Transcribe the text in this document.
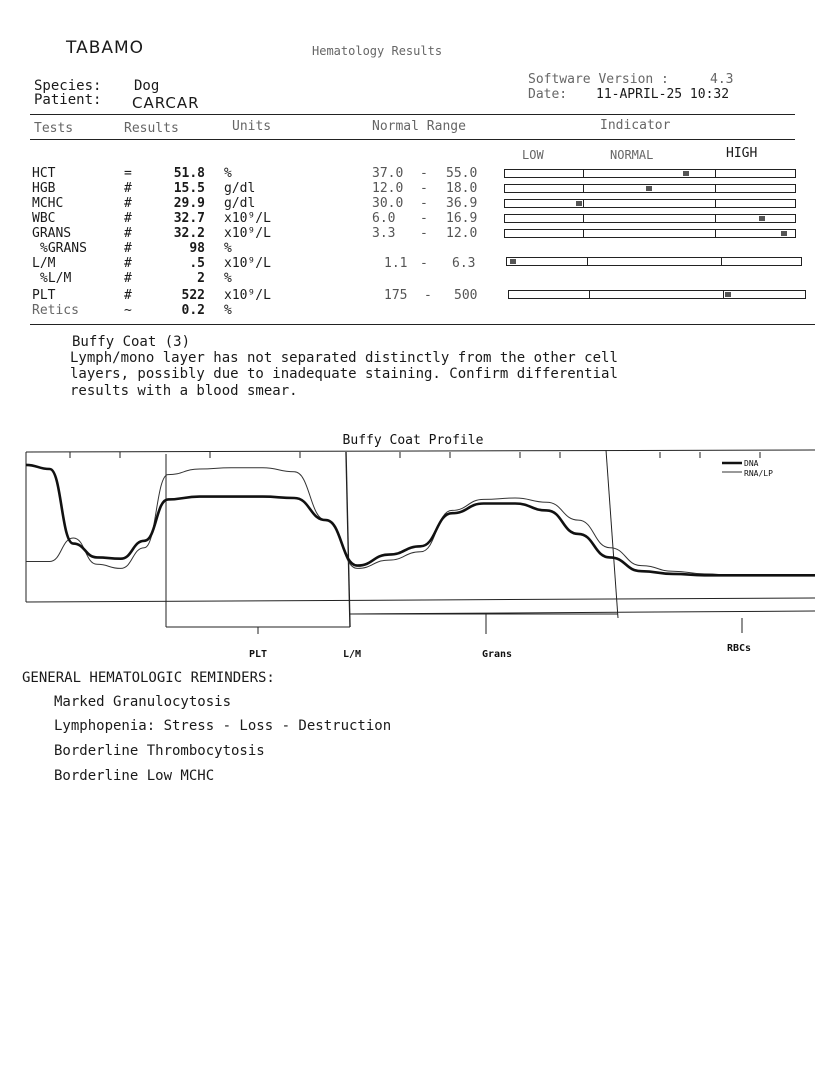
TABAMO	Hematology Results
Species: Dog
Patient: CARCAR
Software Version :	4.3
Date: 11-APRIL-25 10:32
Tests	Results	Units	Normal Range	Indicator
LOW	NORMAL	HIGH
HCT	=	51.8 %	37.0 - 55.0
HGB	#	15.5 g/dl	12.0 - 18.0
MCHC	#	29.9 g/dl	30.0 - 36.9
WBC	#	32.7 x10⁹/L	6.0 - 16.9
GRANS	#	32.2 x10⁹/L	3.3 - 12.0
%GRANS	#	98 %
L/M	#	.5 x10⁹/L	1.1 - 6.3
%L/M	#	2 %
PLT	#	522 x10⁹/L	175 - 500
Retics	~	0.2 %
Buffy Coat (3)
Lymph/mono layer has not separated distinctly from the other cell
layers, possibly due to inadequate staining. Confirm differential
results with a blood smear.
Buffy Coat Profile
DNA
RNA/LP
PLT	L/M	Grans
RBCs
GENERAL HEMATOLOGIC REMINDERS:
Marked Granulocytosis
Lymphopenia: Stress - Loss - Destruction
Borderline Thrombocytosis
Borderline Low MCHC
